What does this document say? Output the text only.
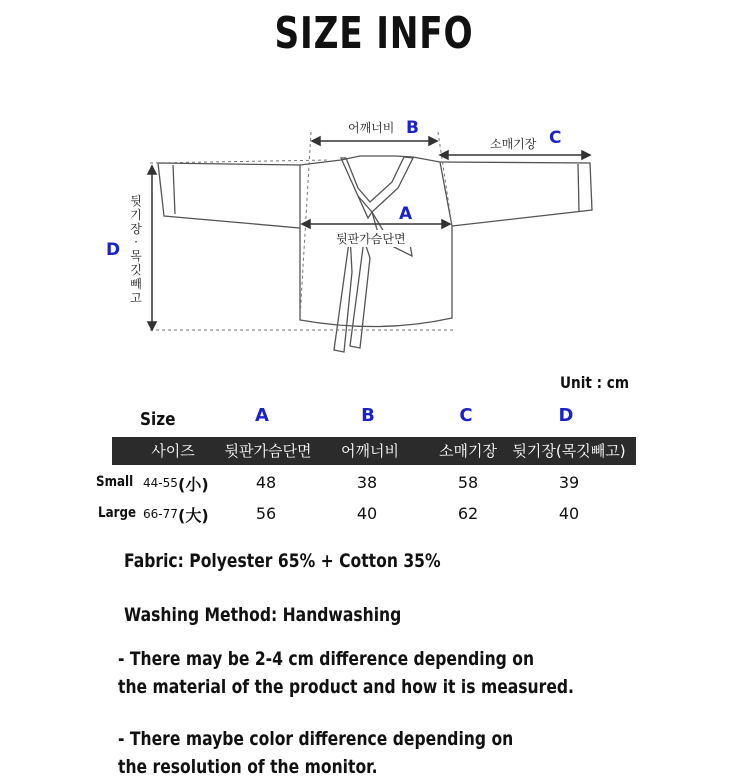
SIZE INFO
어깨너비 B
소매기장 C
A
뒷판가슴단면
D
뒷
기
장
·
목
깃
빼
고
Unit : cm
Size	A	B	C	D
사이즈	뒷판가슴단면	어깨너비	소매기장	뒷기장(목깃빼고)
Small 44-55 (小)	48	38	58	39
Large 66-77 (大)	56	40	62	40
Fabric: Polyester 65% + Cotton 35%
Washing Method: Handwashing
- There may be 2-4 cm difference depending on
the material of the product and how it is measured.
- There maybe color difference depending on
the resolution of the monitor.
